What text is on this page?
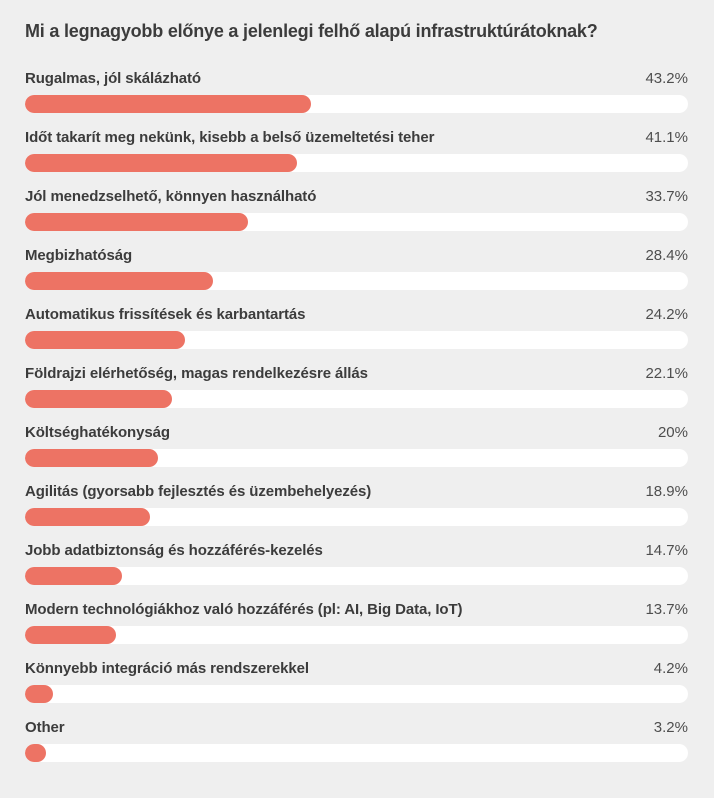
Mi a legnagyobb előnye a jelenlegi felhő alapú infrastruktúrátoknak?
Rugalmas, jól skálázható	43.2%
Időt takarít meg nekünk, kisebb a belső üzemeltetési teher	41.1%
Jól menedzselhető, könnyen használható	33.7%
Megbizhatóság	28.4%
Automatikus frissítések és karbantartás	24.2%
Földrajzi elérhetőség, magas rendelkezésre állás	22.1%
Költséghatékonyság	20%
Agilitás (gyorsabb fejlesztés és üzembehelyezés)	18.9%
Jobb adatbiztonság és hozzáférés-kezelés	14.7%
Modern technológiákhoz való hozzáférés (pl: AI, Big Data, IoT)	13.7%
Könnyebb integráció más rendszerekkel	4.2%
Other	3.2%
